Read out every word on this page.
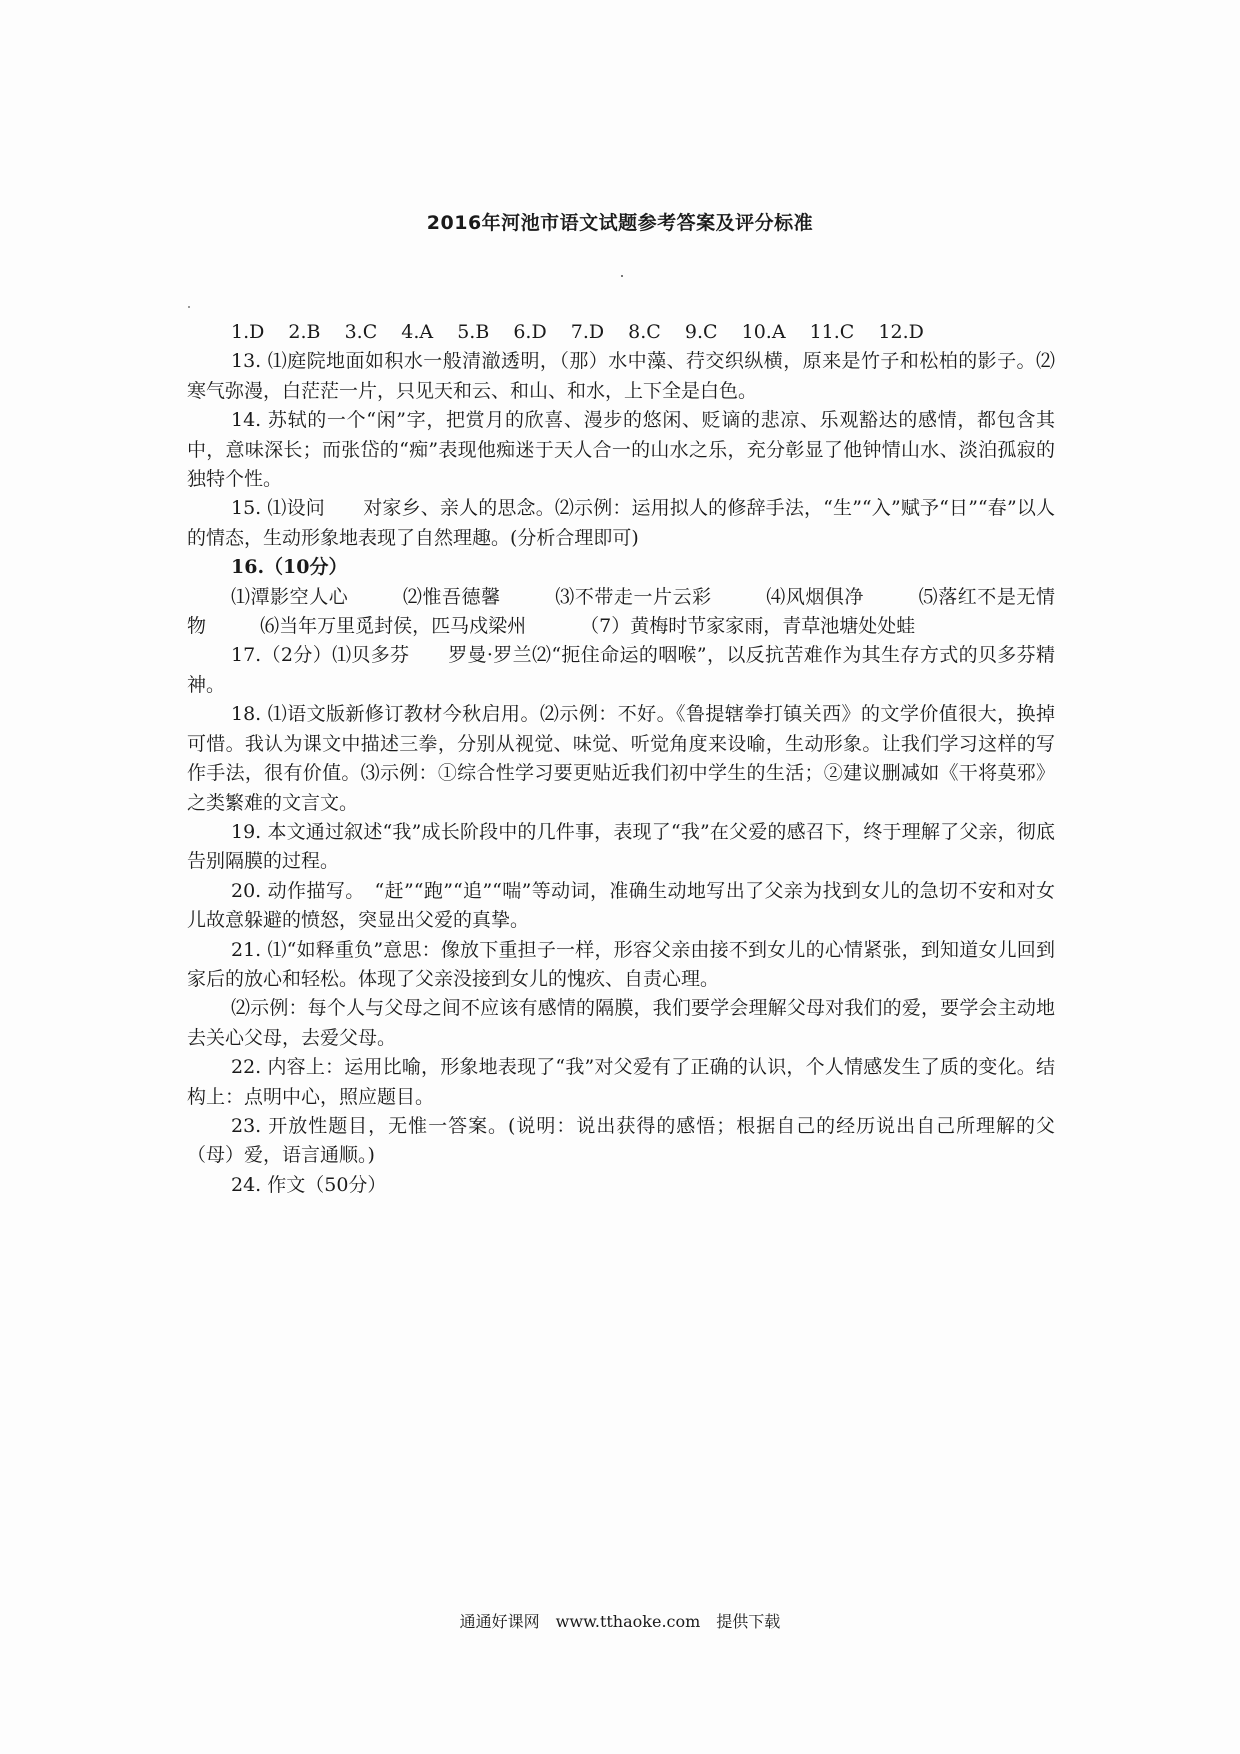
2016年河池市语文试题参考答案及评分标准

1.D 2.B 3.C 4.A 5.B 6.D 7.D 8.C 9.C 10.A 11.C 12.D

13. ⑴庭院地面如积水一般清澈透明，（那）水中藻、荇交织纵横，原来是竹子和松柏的影子。⑵寒气弥漫，白茫茫一片，只见天和云、和山、和水，上下全是白色。

14. 苏轼的一个“闲”字，把赏月的欣喜、漫步的悠闲、贬谪的悲凉、乐观豁达的感情，都包含其中，意味深长；而张岱的“痴”表现他痴迷于天人合一的山水之乐，充分彰显了他钟情山水、淡泊孤寂的独特个性。

15. ⑴设问　　对家乡、亲人的思念。⑵示例：运用拟人的修辞手法，“生”“入”赋予“日”“春”以人的情态，生动形象地表现了自然理趣。(分析合理即可)

16.（10分）

⑴潭影空人心	⑵惟吾德馨	⑶不带走一片云彩	⑷风烟俱净	⑸落红不是无情物	⑹当年万里觅封侯，匹马戍梁州	（7）黄梅时节家家雨，青草池塘处处蛙

17.（2分）⑴贝多芬　　罗曼·罗兰⑵“扼住命运的咽喉”，以反抗苦难作为其生存方式的贝多芬精神。

18. ⑴语文版新修订教材今秋启用。⑵示例：不好。《鲁提辖拳打镇关西》的文学价值很大，换掉可惜。我认为课文中描述三拳，分别从视觉、味觉、听觉角度来设喻，生动形象。让我们学习这样的写作手法，很有价值。⑶示例：①综合性学习要更贴近我们初中学生的生活；②建议删减如《干将莫邪》之类繁难的文言文。

19. 本文通过叙述“我”成长阶段中的几件事，表现了“我”在父爱的感召下，终于理解了父亲，彻底告别隔膜的过程。

20. 动作描写。　“赶”“跑”“追”“喘”等动词，准确生动地写出了父亲为找到女儿的急切不安和对女儿故意躲避的愤怒，突显出父爱的真挚。

21. ⑴“如释重负”意思：像放下重担子一样，形容父亲由接不到女儿的心情紧张，到知道女儿回到家后的放心和轻松。体现了父亲没接到女儿的愧疚、自责心理。

⑵示例：每个人与父母之间不应该有感情的隔膜，我们要学会理解父母对我们的爱，要学会主动地去关心父母，去爱父母。

22. 内容上：运用比喻，形象地表现了“我”对父爱有了正确的认识，个人情感发生了质的变化。结构上：点明中心，照应题目。

23. 开放性题目，无惟一答案。(说明：说出获得的感悟；根据自己的经历说出自己所理解的父（母）爱，语言通顺。)

24. 作文（50分）

通通好课网　www.tthaoke.com　提供下载
